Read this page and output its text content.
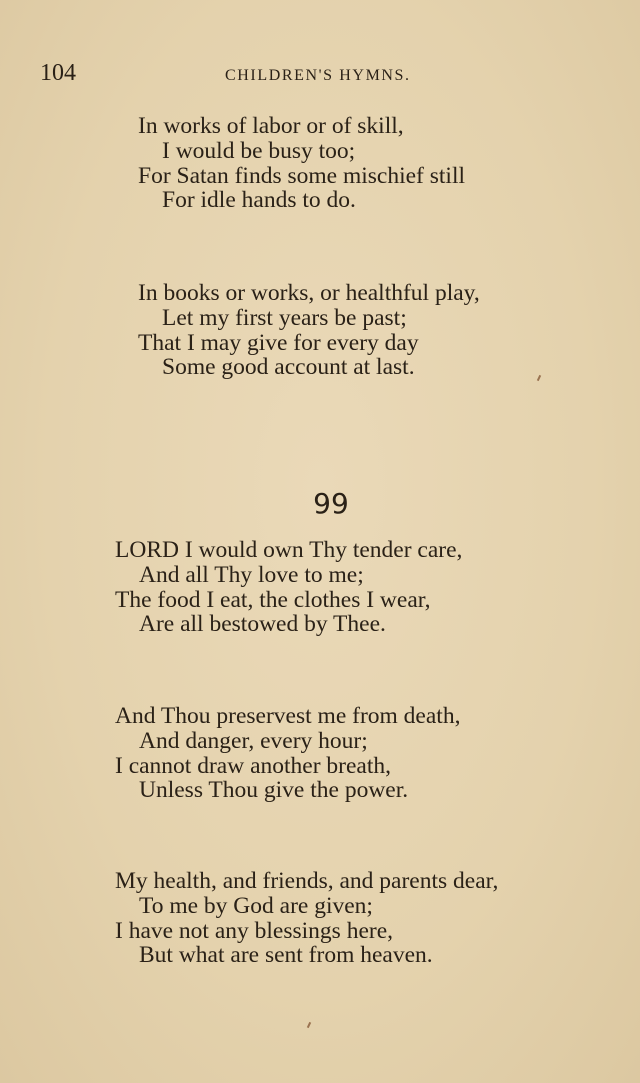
104	CHILDREN'S HYMNS.
In works of labor or of skill,
I would be busy too;
For Satan finds some mischief still
For idle hands to do.
In books or works, or healthful play,
Let my first years be past;
That I may give for every day
Some good account at last.
99
LORD I would own Thy tender care,
And all Thy love to me;
The food I eat, the clothes I wear,
Are all bestowed by Thee.
And Thou preservest me from death,
And danger, every hour;
I cannot draw another breath,
Unless Thou give the power.
My health, and friends, and parents dear,
To me by God are given;
I have not any blessings here,
But what are sent from heaven.
